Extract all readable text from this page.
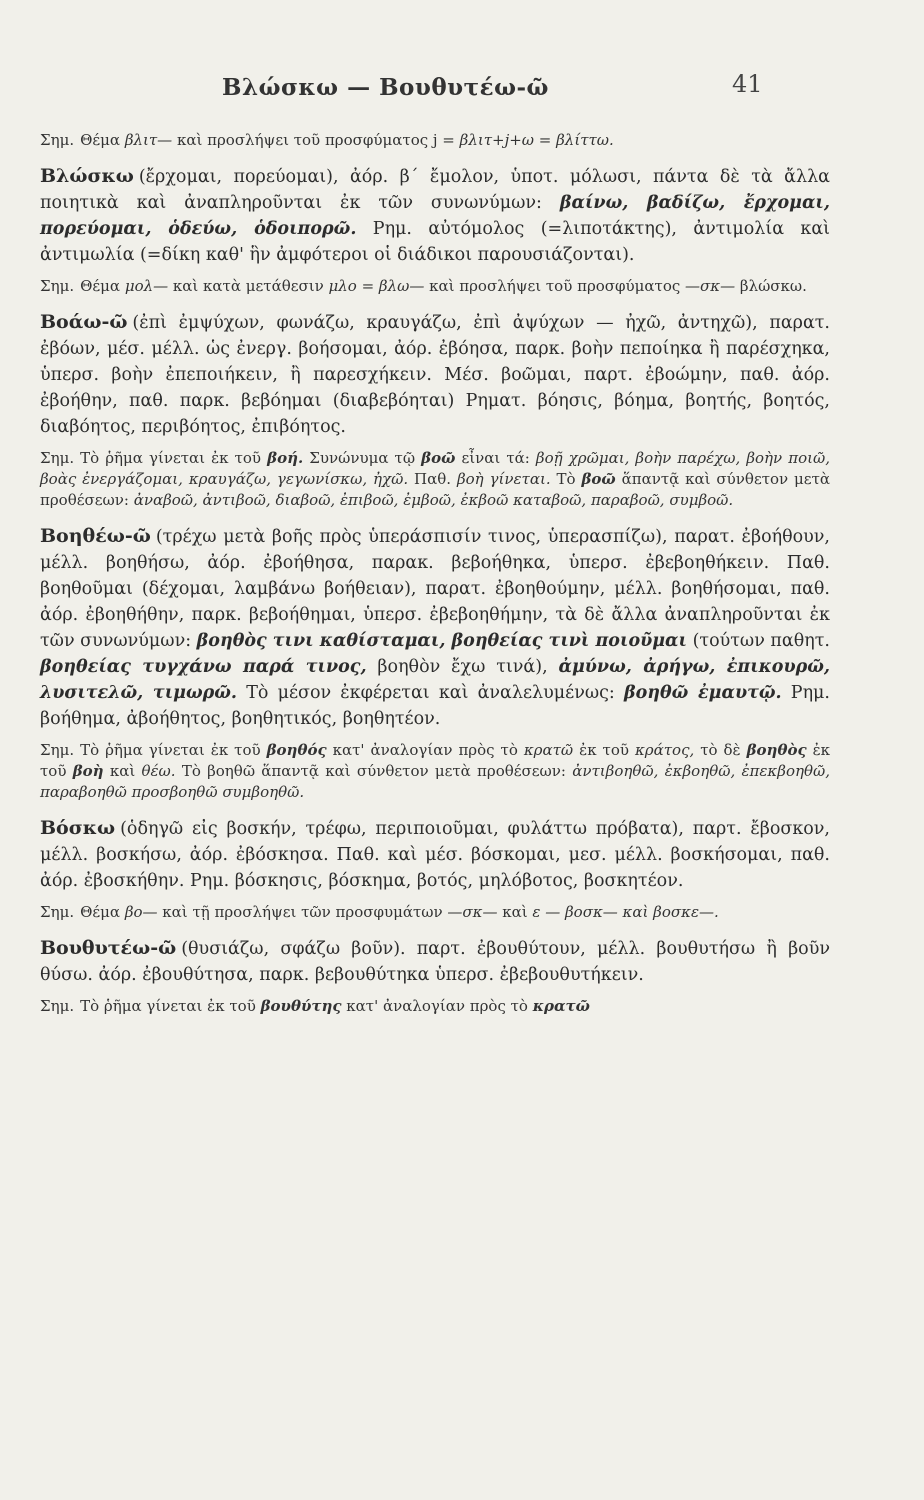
Βλώσκω — Βουθυτέω-ῶ	41

Σημ. Θέμα βλιτ— καὶ προσλήψει τοῦ προσφύματος j = βλιτ+j+ω = βλίττω.

Βλώσκω (ἔρχομαι, πορεύομαι), ἀόρ. β΄ ἔμολον, ὑποτ. μόλωσι, πάντα δὲ τὰ ἄλλα ποιητικὰ καὶ ἀναπληροῦνται ἐκ τῶν συνωνύμων: βαίνω, βαδίζω, ἔρχομαι, πορεύομαι, ὁδεύω, ὁδοιπορῶ. Ρημ. αὐτόμολος (=λιποτάκτης), ἀντιμολία καὶ ἀντιμωλία (=δίκη καθ' ἣν ἀμφότεροι οἱ διάδικοι παρουσιάζονται).

Σημ. Θέμα μολ— καὶ κατὰ μετάθεσιν μλο = βλω— καὶ προσλήψει τοῦ προσφύματος —σκ— βλώσκω.

Βοάω-ῶ (ἐπὶ ἐμψύχων, φωνάζω, κραυγάζω, ἐπὶ ἀψύχων — ἠχῶ, ἀντηχῶ), παρατ. ἐβόων, μέσ. μέλλ. ὡς ἐνεργ. βοήσομαι, ἀόρ. ἐβόησα, παρκ. βοὴν πεποίηκα ἢ παρέσχηκα, ὑπερσ. βοὴν ἐπεποιήκειν, ἢ παρεσχήκειν. Μέσ. βοῶμαι, παρτ. ἐβοώμην, παθ. ἀόρ. ἐβοήθην, παθ. παρκ. βεβόημαι (διαβεβόηται) Ρηματ. βόησις, βόημα, βοητής, βοητός, διαβόητος, περιβόητος, ἐπιβόητος.

Σημ. Τὸ ῥῆμα γίνεται ἐκ τοῦ βοή. Συνώνυμα τῷ βοῶ εἶναι τά: βοῇ χρῶμαι, βοὴν παρέχω, βοὴν ποιῶ, βοὰς ἐνεργάζομαι, κραυγάζω, γεγωνίσκω, ἠχῶ. Παθ. βοὴ γίνεται. Τὸ βοῶ ἅπαντᾷ καὶ σύνθετον μετὰ προθέσεων: ἀναβοῶ, ἀντιβοῶ, διαβοῶ, ἐπιβοῶ, ἐμβοῶ, ἐκβοῶ καταβοῶ, παραβοῶ, συμβοῶ.

Βοηθέω-ῶ (τρέχω μετὰ βοῆς πρὸς ὑπεράσπισίν τινος, ὑπερασπίζω), παρατ. ἐβοήθουν, μέλλ. βοηθήσω, ἀόρ. ἐβοήθησα, παρακ. βεβοήθηκα, ὑπερσ. ἐβεβοηθήκειν. Παθ. βοηθοῦμαι (δέχομαι, λαμβάνω βοήθειαν), παρατ. ἐβοηθούμην, μέλλ. βοηθήσομαι, παθ. ἀόρ. ἐβοηθήθην, παρκ. βεβοήθημαι, ὑπερσ. ἐβεβοηθήμην, τὰ δὲ ἄλλα ἀναπληροῦνται ἐκ τῶν συνωνύμων: βοηθὸς τινι καθίσταμαι, βοηθείας τινὶ ποιοῦμαι (τούτων παθητ. βοηθείας τυγχάνω παρά τινος, βοηθὸν ἔχω τινά), ἀμύνω, ἀρήγω, ἐπικουρῶ, λυσιτελῶ, τιμωρῶ. Τὸ μέσον ἐκφέρεται καὶ ἀναλελυμένως: βοηθῶ ἐμαυτῷ. Ρημ. βοήθημα, ἀβοήθητος, βοηθητικός, βοηθητέον.

Σημ. Τὸ ῥῆμα γίνεται ἐκ τοῦ βοηθός κατ' ἀναλογίαν πρὸς τὸ κρατῶ ἐκ τοῦ κράτος, τὸ δὲ βοηθὸς ἐκ τοῦ βοὴ καὶ θέω. Τὸ βοηθῶ ἅπαντᾷ καὶ σύνθετον μετὰ προθέσεων: ἀντιβοηθῶ, ἐκβοηθῶ, ἐπεκβοηθῶ, παραβοηθῶ προσβοηθῶ συμβοηθῶ.

Βόσκω (ὁδηγῶ εἰς βοσκήν, τρέφω, περιποιοῦμαι, φυλάττω πρόβατα), παρτ. ἔβοσκον, μέλλ. βοσκήσω, ἀόρ. ἐβόσκησα. Παθ. καὶ μέσ. βόσκομαι, μεσ. μέλλ. βοσκήσομαι, παθ. ἀόρ. ἐβοσκήθην. Ρημ. βόσκησις, βόσκημα, βοτός, μηλόβοτος, βοσκητέον.

Σημ. Θέμα βο— καὶ τῇ προσλήψει τῶν προσφυμάτων —σκ— καὶ ε — βοσκ— καὶ βοσκε—.

Βουθυτέω-ῶ (θυσιάζω, σφάζω βοῦν). παρτ. ἐβουθύτουν, μέλλ. βουθυτήσω ἢ βοῦν θύσω. ἀόρ. ἐβουθύτησα, παρκ. βεβουθύτηκα ὑπερσ. ἐβεβουθυτήκειν.

Σημ. Τὸ ῥῆμα γίνεται ἐκ τοῦ βουθύτης κατ' ἀναλογίαν πρὸς τὸ κρατῶ
